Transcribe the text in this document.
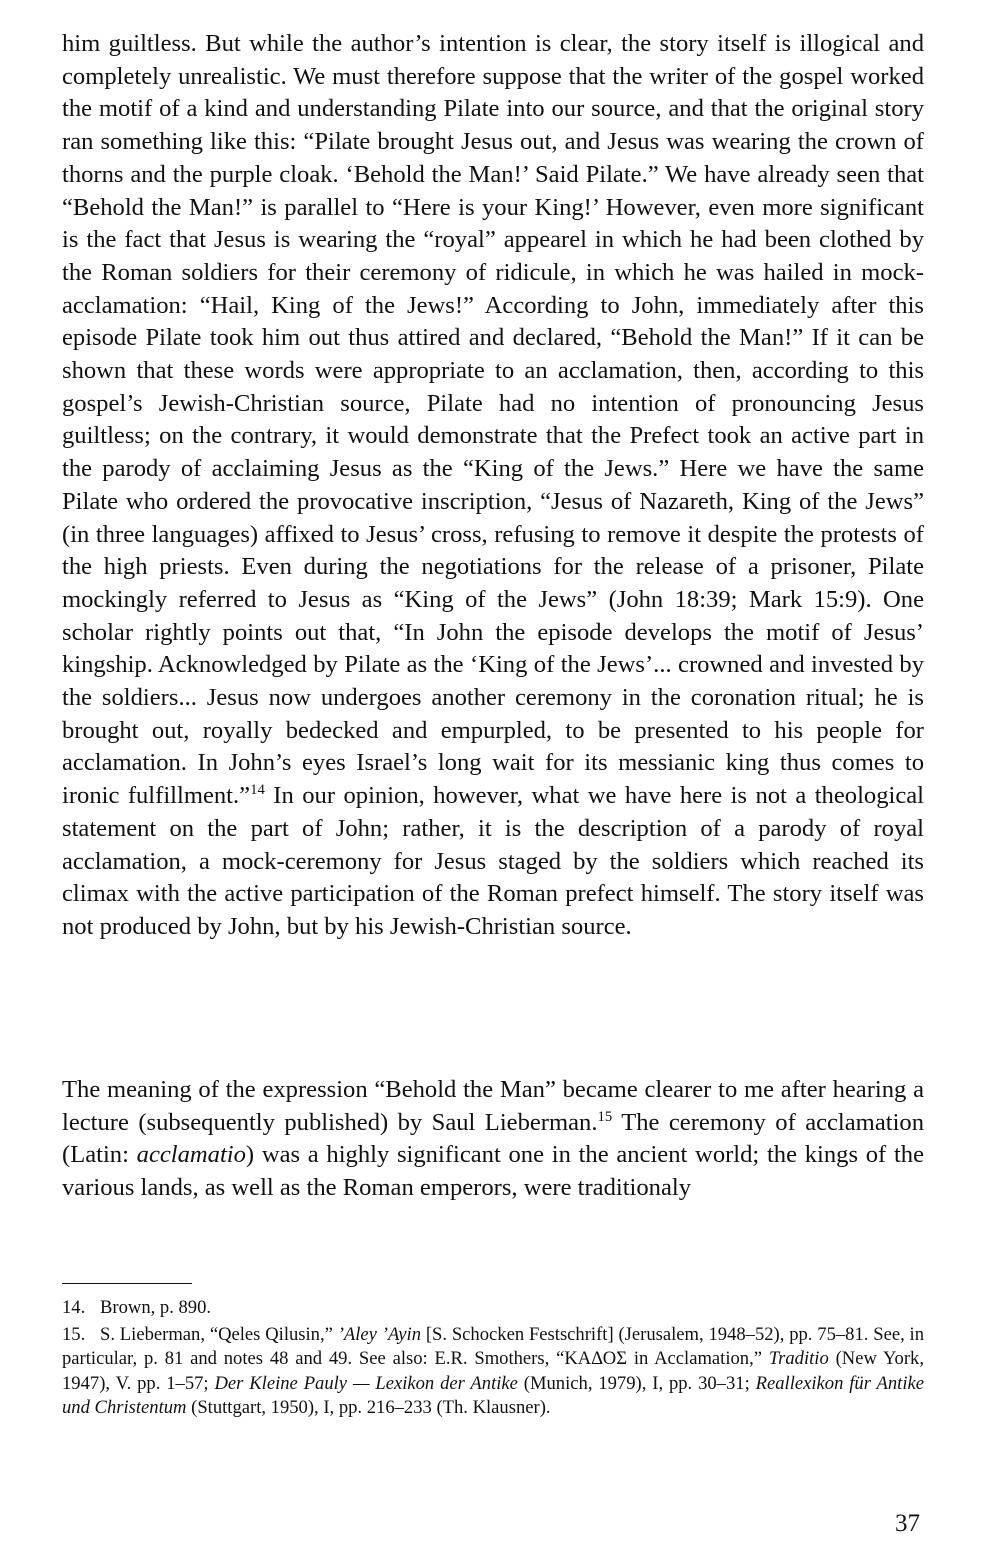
him guiltless. But while the author’s intention is clear, the story itself is illogical and completely unrealistic. We must therefore suppose that the writer of the gospel worked the motif of a kind and understanding Pilate into our source, and that the original story ran something like this: “Pilate brought Jesus out, and Jesus was wearing the crown of thorns and the purple cloak. ‘Behold the Man!’ Said Pilate.” We have already seen that “Behold the Man!” is parallel to “Here is your King!’ However, even more significant is the fact that Jesus is wearing the “royal” appearel in which he had been clothed by the Roman soldiers for their ceremony of ridicule, in which he was hailed in mock-acclamation: “Hail, King of the Jews!” According to John, immediately after this episode Pilate took him out thus attired and declared, “Behold the Man!” If it can be shown that these words were appropriate to an acclamation, then, according to this gospel’s Jewish-Christian source, Pilate had no intention of pronouncing Jesus guiltless; on the contrary, it would demonstrate that the Prefect took an active part in the parody of acclaiming Jesus as the “King of the Jews.” Here we have the same Pilate who ordered the provocative inscription, “Jesus of Nazareth, King of the Jews” (in three languages) affixed to Jesus’ cross, refusing to remove it despite the protests of the high priests. Even during the negotiations for the release of a prisoner, Pilate mockingly referred to Jesus as “King of the Jews” (John 18:39; Mark 15:9). One scholar rightly points out that, “In John the episode develops the motif of Jesus’ kingship. Acknowledged by Pilate as the ‘King of the Jews’... crowned and invested by the soldiers... Jesus now undergoes another ceremony in the coronation ritual; he is brought out, royally bedecked and empurpled, to be presented to his people for acclamation. In John’s eyes Israel’s long wait for its messianic king thus comes to ironic fulfillment.”$^{14}$ In our opinion, however, what we have here is not a theological statement on the part of John; rather, it is the description of a parody of royal acclamation, a mock-ceremony for Jesus staged by the soldiers which reached its climax with the active participation of the Roman prefect himself. The story itself was not produced by John, but by his Jewish-Christian source.

The meaning of the expression “Behold the Man” became clearer to me after hearing a lecture (subsequently published) by Saul Lieberman.$^{15}$ The ceremony of acclamation (Latin: acclamatio) was a highly significant one in the ancient world; the kings of the various lands, as well as the Roman emperors, were traditionaly

14. Brown, p. 890.

15. S. Lieberman, “Qeles Qilusin,” ’Aley ’Ayin [S. Schocken Festschrift] (Jerusalem, 1948–52), pp. 75–81. See, in particular, p. 81 and notes 48 and 49. See also: E.R. Smothers, “ΚΑΔΟΣ in Acclamation,” Traditio (New York, 1947), V. pp. 1–57; Der Kleine Pauly — Lexikon der Antike (Munich, 1979), I, pp. 30–31; Reallexikon für Antike und Christentum (Stuttgart, 1950), I, pp. 216–233 (Th. Klausner).

37
